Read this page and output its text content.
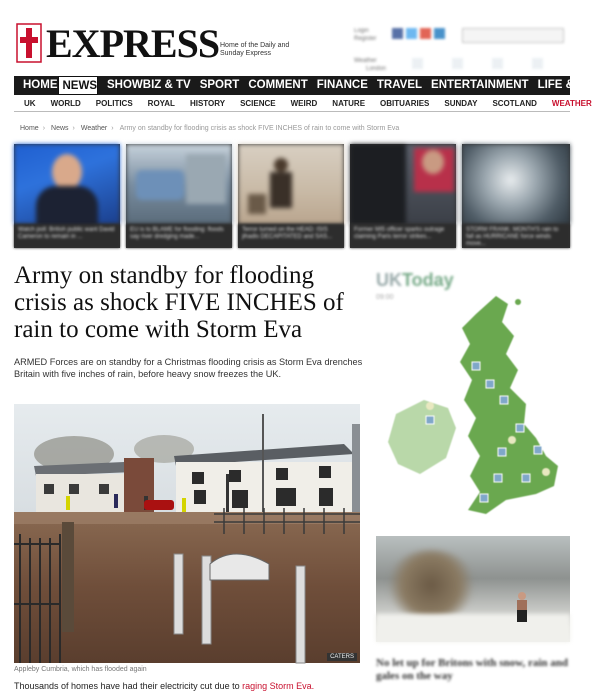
EXPRESS Home of the Daily and Sunday Express
Login
Register
Weather
London
HOME NEWS SHOWBIZ & TV SPORT COMMENT FINANCE TRAVEL ENTERTAINMENT LIFE & STYLE
UK	WORLD	POLITICS	ROYAL	HISTORY	SCIENCE	WEIRD	NATURE	OBITUARIES	SUNDAY	SCOTLAND	WEATHER
Home › News › Weather › Army on standby for flooding crisis as shock FIVE INCHES of rain to come with Storm Eva
Watch poll: British public want David Cameron to remain in ...
EU is to BLAME for flooding: floods say river dredging made...
Terror turned on the HEAD: ISIS jihadis DECAPITATED and SAS...
Former MI5 officer sparks outrage claiming Paris terror strikes...
STORM FRANK: MONTH'S rain to fall as HURRICANE force winds move...
Army on standby for flooding crisis as shock FIVE INCHES of rain to come with Storm Eva

ARMED Forces are on standby for a Christmas flooding crisis as Storm Eva drenches Britain with five inches of rain, before heavy snow freezes the UK.

CATERS
Appleby Cumbria, which has flooded again
Thousands of homes have had their electricity cut due to raging Storm Eva.
UKToday
09:00
No let up for Britons with snow, rain and gales on the way
